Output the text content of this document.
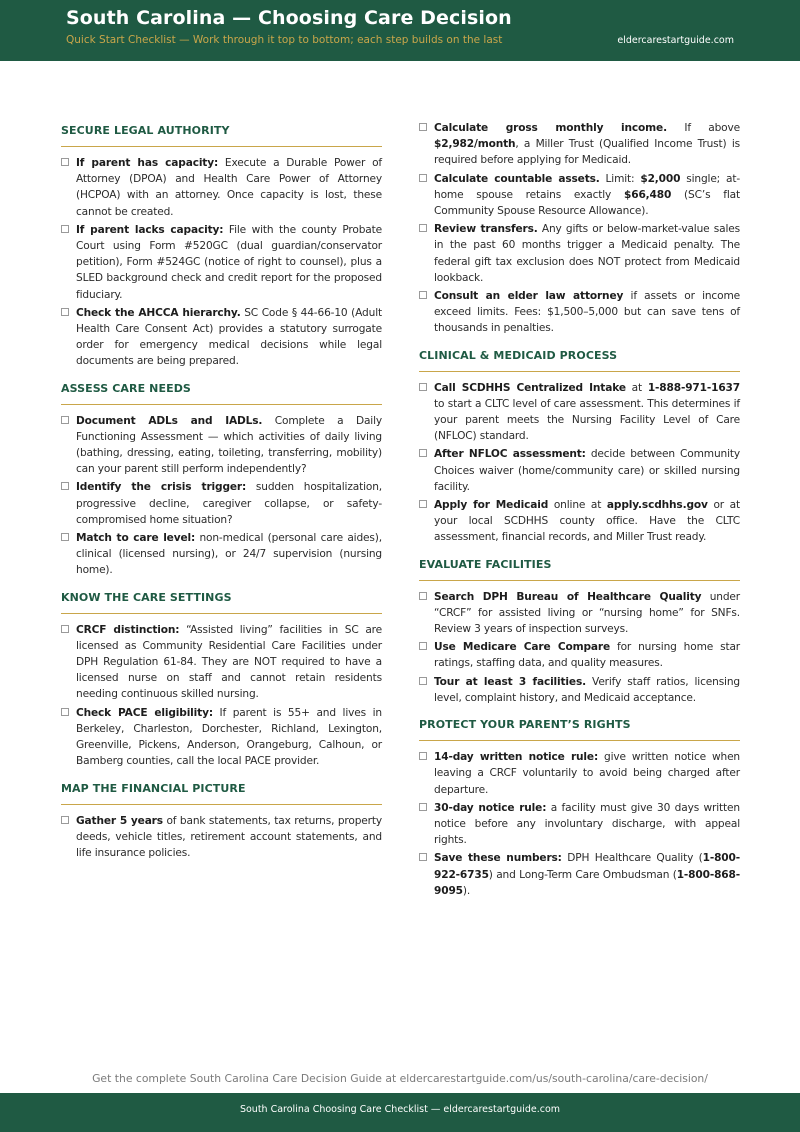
South Carolina — Choosing Care Decision
Quick Start Checklist — Work through it top to bottom; each step builds on the last	eldercarestartguide.com
SECURE LEGAL AUTHORITY
If parent has capacity: Execute a Durable Power of Attorney (DPOA) and Health Care Power of Attorney (HCPOA) with an attorney. Once capacity is lost, these cannot be created.
If parent lacks capacity: File with the county Probate Court using Form #520GC (dual guardian/conservator petition), Form #524GC (notice of right to counsel), plus a SLED background check and credit report for the proposed fiduciary.
Check the AHCCA hierarchy. SC Code § 44-66-10 (Adult Health Care Consent Act) provides a statutory surrogate order for emergency medical decisions while legal documents are being prepared.
ASSESS CARE NEEDS
Document ADLs and IADLs. Complete a Daily Functioning Assessment — which activities of daily living (bathing, dressing, eating, toileting, transferring, mobility) can your parent still perform independently?
Identify the crisis trigger: sudden hospitalization, progressive decline, caregiver collapse, or safety-compromised home situation?
Match to care level: non-medical (personal care aides), clinical (licensed nursing), or 24/7 supervision (nursing home).
KNOW THE CARE SETTINGS
CRCF distinction: “Assisted living” facilities in SC are licensed as Community Residential Care Facilities under DPH Regulation 61-84. They are NOT required to have a licensed nurse on staff and cannot retain residents needing continuous skilled nursing.
Check PACE eligibility: If parent is 55+ and lives in Berkeley, Charleston, Dorchester, Richland, Lexington, Greenville, Pickens, Anderson, Orangeburg, Calhoun, or Bamberg counties, call the local PACE provider.
MAP THE FINANCIAL PICTURE
Gather 5 years of bank statements, tax returns, property deeds, vehicle titles, retirement account statements, and life insurance policies.
Calculate gross monthly income. If above $2,982/month, a Miller Trust (Qualified Income Trust) is required before applying for Medicaid.
Calculate countable assets. Limit: $2,000 single; at-home spouse retains exactly $66,480 (SC’s flat Community Spouse Resource Allowance).
Review transfers. Any gifts or below-market-value sales in the past 60 months trigger a Medicaid penalty. The federal gift tax exclusion does NOT protect from Medicaid lookback.
Consult an elder law attorney if assets or income exceed limits. Fees: $1,500–5,000 but can save tens of thousands in penalties.
CLINICAL & MEDICAID PROCESS
Call SCDHHS Centralized Intake at 1-888-971-1637 to start a CLTC level of care assessment. This determines if your parent meets the Nursing Facility Level of Care (NFLOC) standard.
After NFLOC assessment: decide between Community Choices waiver (home/community care) or skilled nursing facility.
Apply for Medicaid online at apply.scdhhs.gov or at your local SCDHHS county office. Have the CLTC assessment, financial records, and Miller Trust ready.
EVALUATE FACILITIES
Search DPH Bureau of Healthcare Quality under “CRCF” for assisted living or “nursing home” for SNFs. Review 3 years of inspection surveys.
Use Medicare Care Compare for nursing home star ratings, staffing data, and quality measures.
Tour at least 3 facilities. Verify staff ratios, licensing level, complaint history, and Medicaid acceptance.
PROTECT YOUR PARENT’S RIGHTS
14-day written notice rule: give written notice when leaving a CRCF voluntarily to avoid being charged after departure.
30-day notice rule: a facility must give 30 days written notice before any involuntary discharge, with appeal rights.
Save these numbers: DPH Healthcare Quality (1-800-922-6735) and Long-Term Care Ombudsman (1-800-868-9095).
Get the complete South Carolina Care Decision Guide at eldercarestartguide.com/us/south-carolina/care-decision/
South Carolina Choosing Care Checklist — eldercarestartguide.com
